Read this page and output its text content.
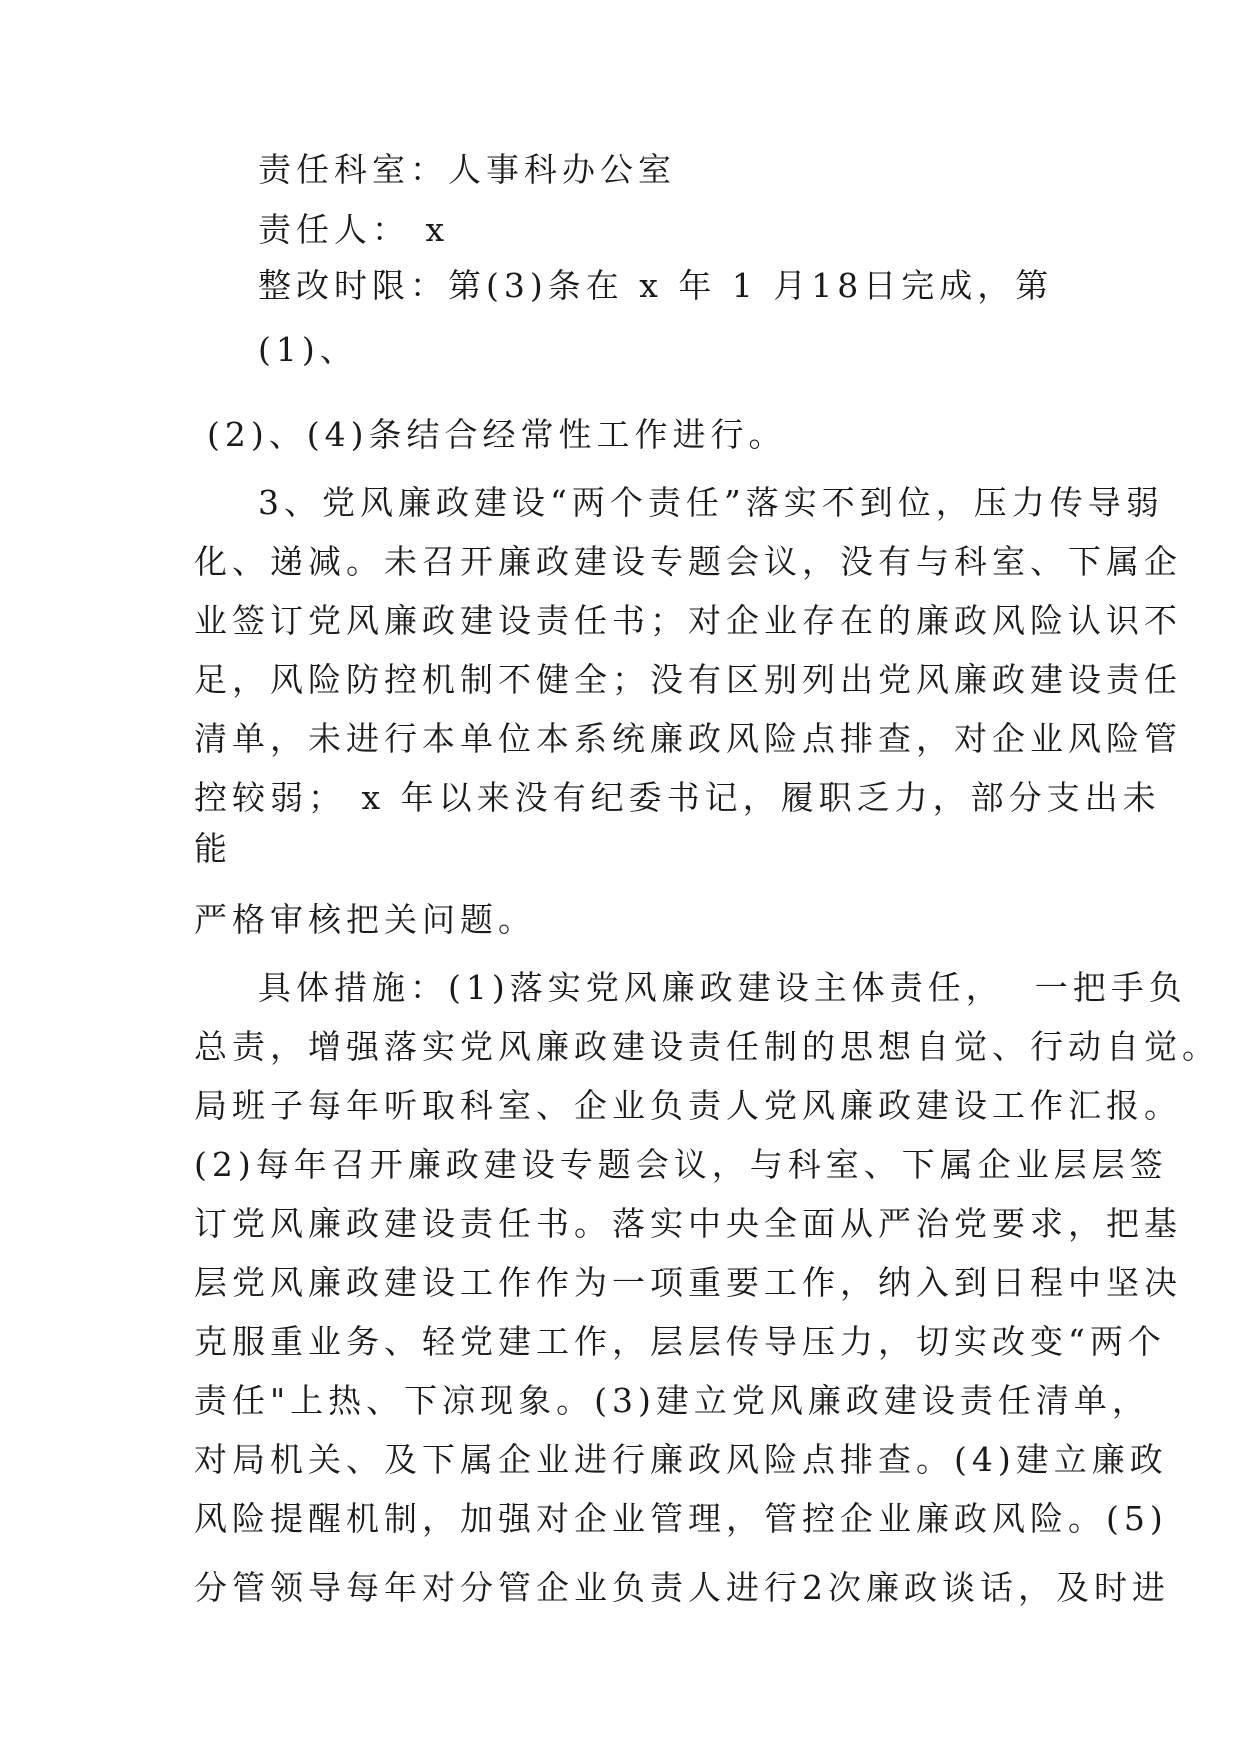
责任科室：人事科办公室
责任人： x
整改时限：第(3)条在 x 年 1 月18日完成，第
(1)、
(2)、(4)条结合经常性工作进行。
3、党风廉政建设“两个责任”落实不到位，压力传导弱
化、递减。未召开廉政建设专题会议，没有与科室、下属企
业签订党风廉政建设责任书；对企业存在的廉政风险认识不
足，风险防控机制不健全；没有区别列出党风廉政建设责任
清单，未进行本单位本系统廉政风险点排查，对企业风险管
控较弱； x 年以来没有纪委书记，履职乏力，部分支出未
能
严格审核把关问题。
具体措施：(1)落实党风廉政建设主体责任，  一把手负
总责，增强落实党风廉政建设责任制的思想自觉、行动自觉。
局班子每年听取科室、企业负责人党风廉政建设工作汇报。
(2)每年召开廉政建设专题会议，与科室、下属企业层层签
订党风廉政建设责任书。落实中央全面从严治党要求，把基
层党风廉政建设工作作为一项重要工作，纳入到日程中坚决
克服重业务、轻党建工作，层层传导压力，切实改变“两个
责任"上热、下凉现象。(3)建立党风廉政建设责任清单，
对局机关、及下属企业进行廉政风险点排查。(4)建立廉政
风险提醒机制，加强对企业管理，管控企业廉政风险。(5)
分管领导每年对分管企业负责人进行2次廉政谈话，及时进
